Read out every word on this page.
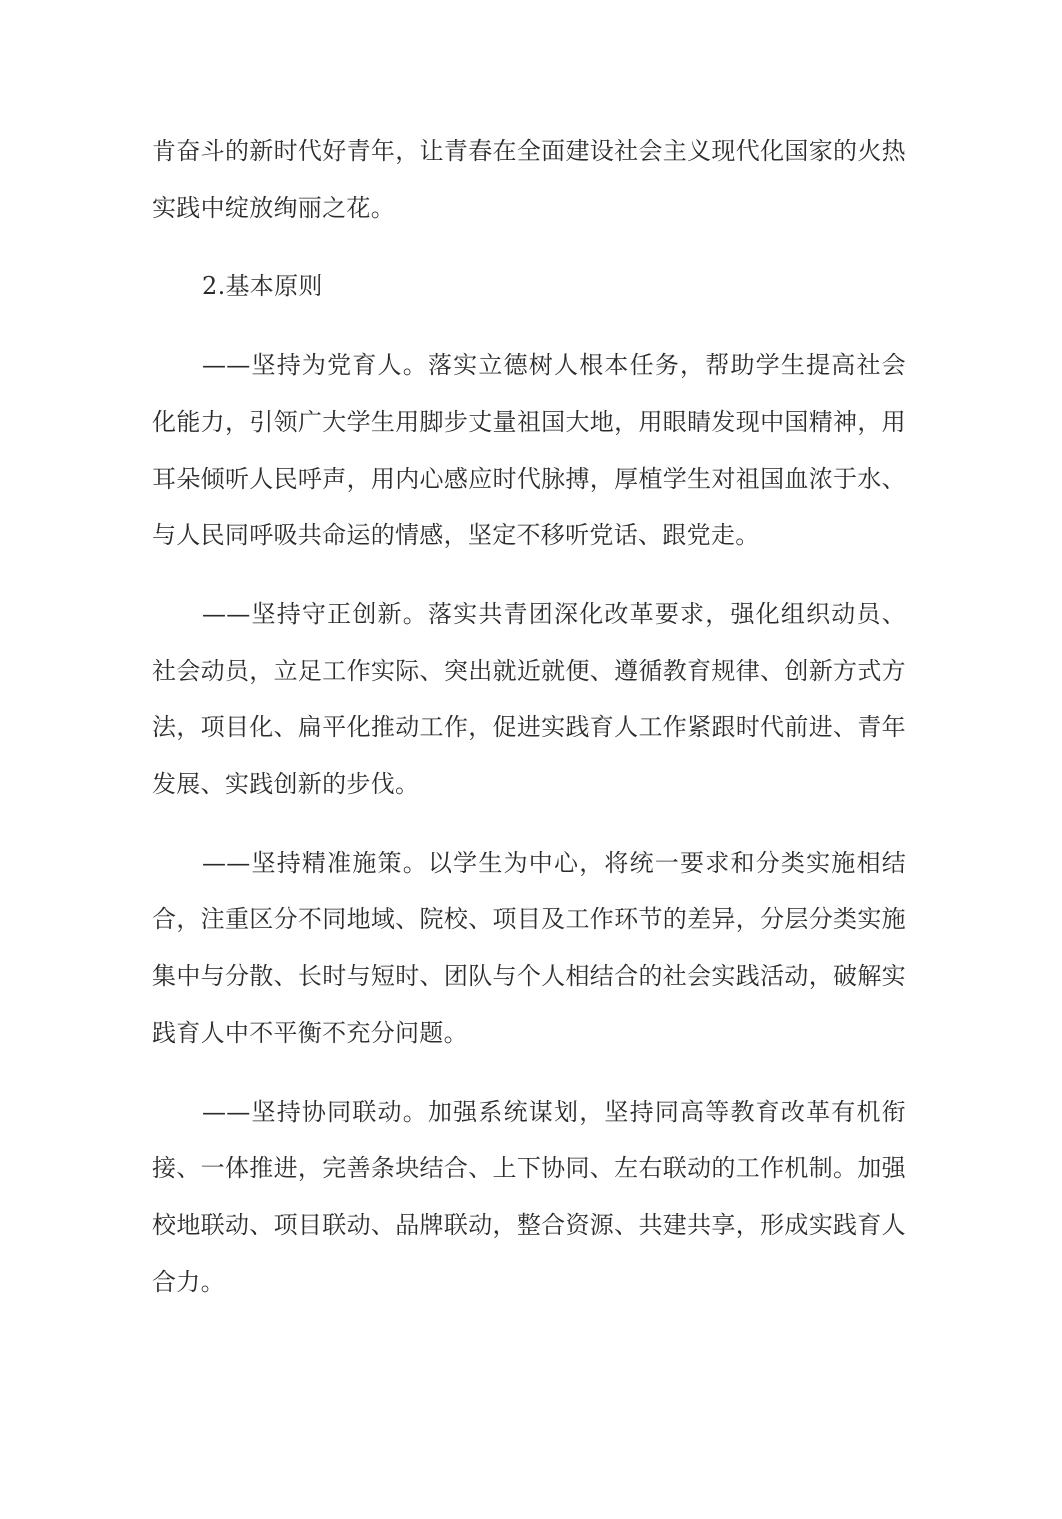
肯奋斗的新时代好青年，让青春在全面建设社会主义现代化国家的火热实践中绽放绚丽之花。

2.基本原则

——坚持为党育人。落实立德树人根本任务，帮助学生提高社会化能力，引领广大学生用脚步丈量祖国大地，用眼睛发现中国精神，用耳朵倾听人民呼声，用内心感应时代脉搏，厚植学生对祖国血浓于水、与人民同呼吸共命运的情感，坚定不移听党话、跟党走。

——坚持守正创新。落实共青团深化改革要求，强化组织动员、社会动员，立足工作实际、突出就近就便、遵循教育规律、创新方式方法，项目化、扁平化推动工作，促进实践育人工作紧跟时代前进、青年发展、实践创新的步伐。

——坚持精准施策。以学生为中心，将统一要求和分类实施相结合，注重区分不同地域、院校、项目及工作环节的差异，分层分类实施集中与分散、长时与短时、团队与个人相结合的社会实践活动，破解实践育人中不平衡不充分问题。

——坚持协同联动。加强系统谋划，坚持同高等教育改革有机衔接、一体推进，完善条块结合、上下协同、左右联动的工作机制。加强校地联动、项目联动、品牌联动，整合资源、共建共享，形成实践育人合力。
